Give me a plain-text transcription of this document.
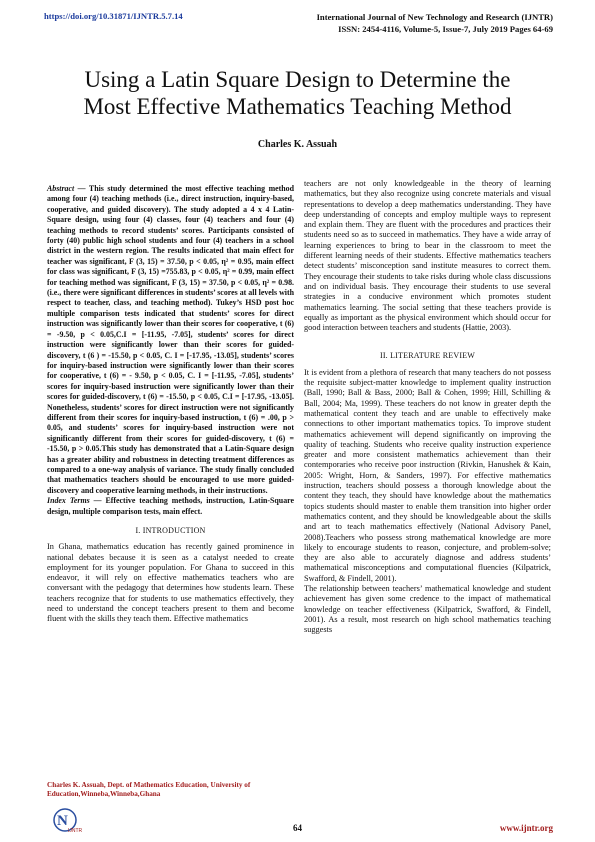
https://doi.org/10.31871/IJNTR.5.7.14	International Journal of New Technology and Research (IJNTR)
ISSN: 2454-4116, Volume-5, Issue-7, July 2019 Pages 64-69
Using a Latin Square Design to Determine the
Most Effective Mathematics Teaching Method
Charles K. Assuah

Abstract — This study determined the most effective teaching method among four (4) teaching methods (i.e., direct instruction, inquiry-based, cooperative, and guided discovery). The study adopted a 4 x 4 Latin-Square design, using four (4) classes, four (4) teachers and four (4) teaching methods to record students’ scores. Participants consisted of forty (40) public high school students and four (4) teachers in a school district in the western region. The results indicated that main effect for teacher was significant, F (3, 15) = 37.50, p < 0.05, η² = 0.95, main effect for class was significant, F (3, 15) =755.83, p < 0.05, η² = 0.99, main effect for teaching method was significant, F (3, 15) = 37.50, p < 0.05, η² = 0.98. (i.e., there were significant differences in students’ scores at all levels with respect to teacher, class, and teaching method). Tukey’s HSD post hoc multiple comparison tests indicated that students’ scores for direct instruction was significantly lower than their scores for cooperative, t (6) = -9.50, p < 0.05,C.I = [-11.95, -7.05], students’ scores for direct instruction were significantly lower than their scores for guided-discovery, t (6 ) = -15.50, p < 0.05, C. I = [-17.95, -13.05], students’ scores for inquiry-based instruction were significantly lower than their scores for cooperative, t (6) = - 9.50, p < 0.05, C. I = [-11.95, -7.05], students’ scores for inquiry-based instruction were significantly lower than their scores for guided-discovery, t (6) = -15.50, p < 0.05, C.I = [-17.95, -13.05]. Nonetheless, students’ scores for direct instruction were not significantly different from their scores for inquiry-based instruction, t (6) = .00, p > 0.05, and students’ scores for inquiry-based instruction were not significantly different from their scores for guided-discovery, t (6) = -15.50, p > 0.05.This study has demonstrated that a Latin-Square design has a greater ability and robustness in detecting treatment differences as compared to a one-way analysis of variance. The study finally concluded that mathematics teachers should be encouraged to use more guided-discovery and cooperative learning methods, in their instructions.

Index Terms — Effective teaching methods, instruction, Latin-Square design, multiple comparison tests, main effect.

I. INTRODUCTION

In Ghana, mathematics education has recently gained prominence in national debates because it is seen as a catalyst needed to create employment for its younger population. For Ghana to succeed in this endeavor, it will rely on effective mathematics teachers who are conversant with the pedagogy that determines how students learn. These teachers recognize that for students to use mathematics effectively, they need to understand the concept teachers present to them and become fluent with the skills they teach them. Effective mathematics

teachers are not only knowledgeable in the theory of learning mathematics, but they also recognize using concrete materials and visual representations to develop a deep mathematics understanding. They have deep understanding of concepts and employ multiple ways to represent and explain them. They are fluent with the procedures and practices their students need so as to succeed in mathematics. They have a wide array of learning experiences to bring to bear in the classroom to meet the different learning needs of their students. Effective mathematics teachers detect students’ misconception sand institute measures to correct them. They encourage their students to take risks during whole class discussions and on individual basis. They encourage their students to use several strategies in a conducive environment which promotes student mathematics learning. The social setting that these teachers provide is equally as important as the physical environment which should occur for good interaction between teachers and students (Hattie, 2003).

II. LITERATURE REVIEW

It is evident from a plethora of research that many teachers do not possess the requisite subject-matter knowledge to implement quality instruction (Ball, 1990; Ball & Bass, 2000; Ball & Cohen, 1999; Hill, Schilling & Ball, 2004; Ma, 1999). These teachers do not know in greater depth the mathematical content they teach and are unable to effectively make connections to other important mathematics topics. To improve student mathematics achievement will depend significantly on improving the quality of teaching. Students who receive quality instruction experience greater and more consistent mathematics achievement than their contemporaries who receive poor instruction (Rivkin, Hanushek & Kain, 2005: Wright, Horn, & Sanders, 1997). For effective mathematics instruction, teachers should possess a thorough knowledge about the content they teach, they should have knowledge about the mathematics topics students should master to enable them transition into higher order mathematics content, and they should be knowledgeable about the skills and art to teach mathematics effectively (National Advisory Panel, 2008).Teachers who possess strong mathematical knowledge are more likely to encourage students to reason, conjecture, and problem-solve; they are also able to accurately diagnose and address students’ mathematical misconceptions and computational fluencies (Kilpatrick, Swafford, & Findell, 2001).

The relationship between teachers’ mathematical knowledge and student achievement has given some credence to the impact of mathematical knowledge on teacher effectiveness (Kilpatrick, Swafford, & Findell, 2001). As a result, most research on high school mathematics teaching suggests

Charles K. Assuah, Dept. of Mathematics Education, University of Education,Winneba,Winneba,Ghana
N
IJNTR	64	www.ijntr.org
